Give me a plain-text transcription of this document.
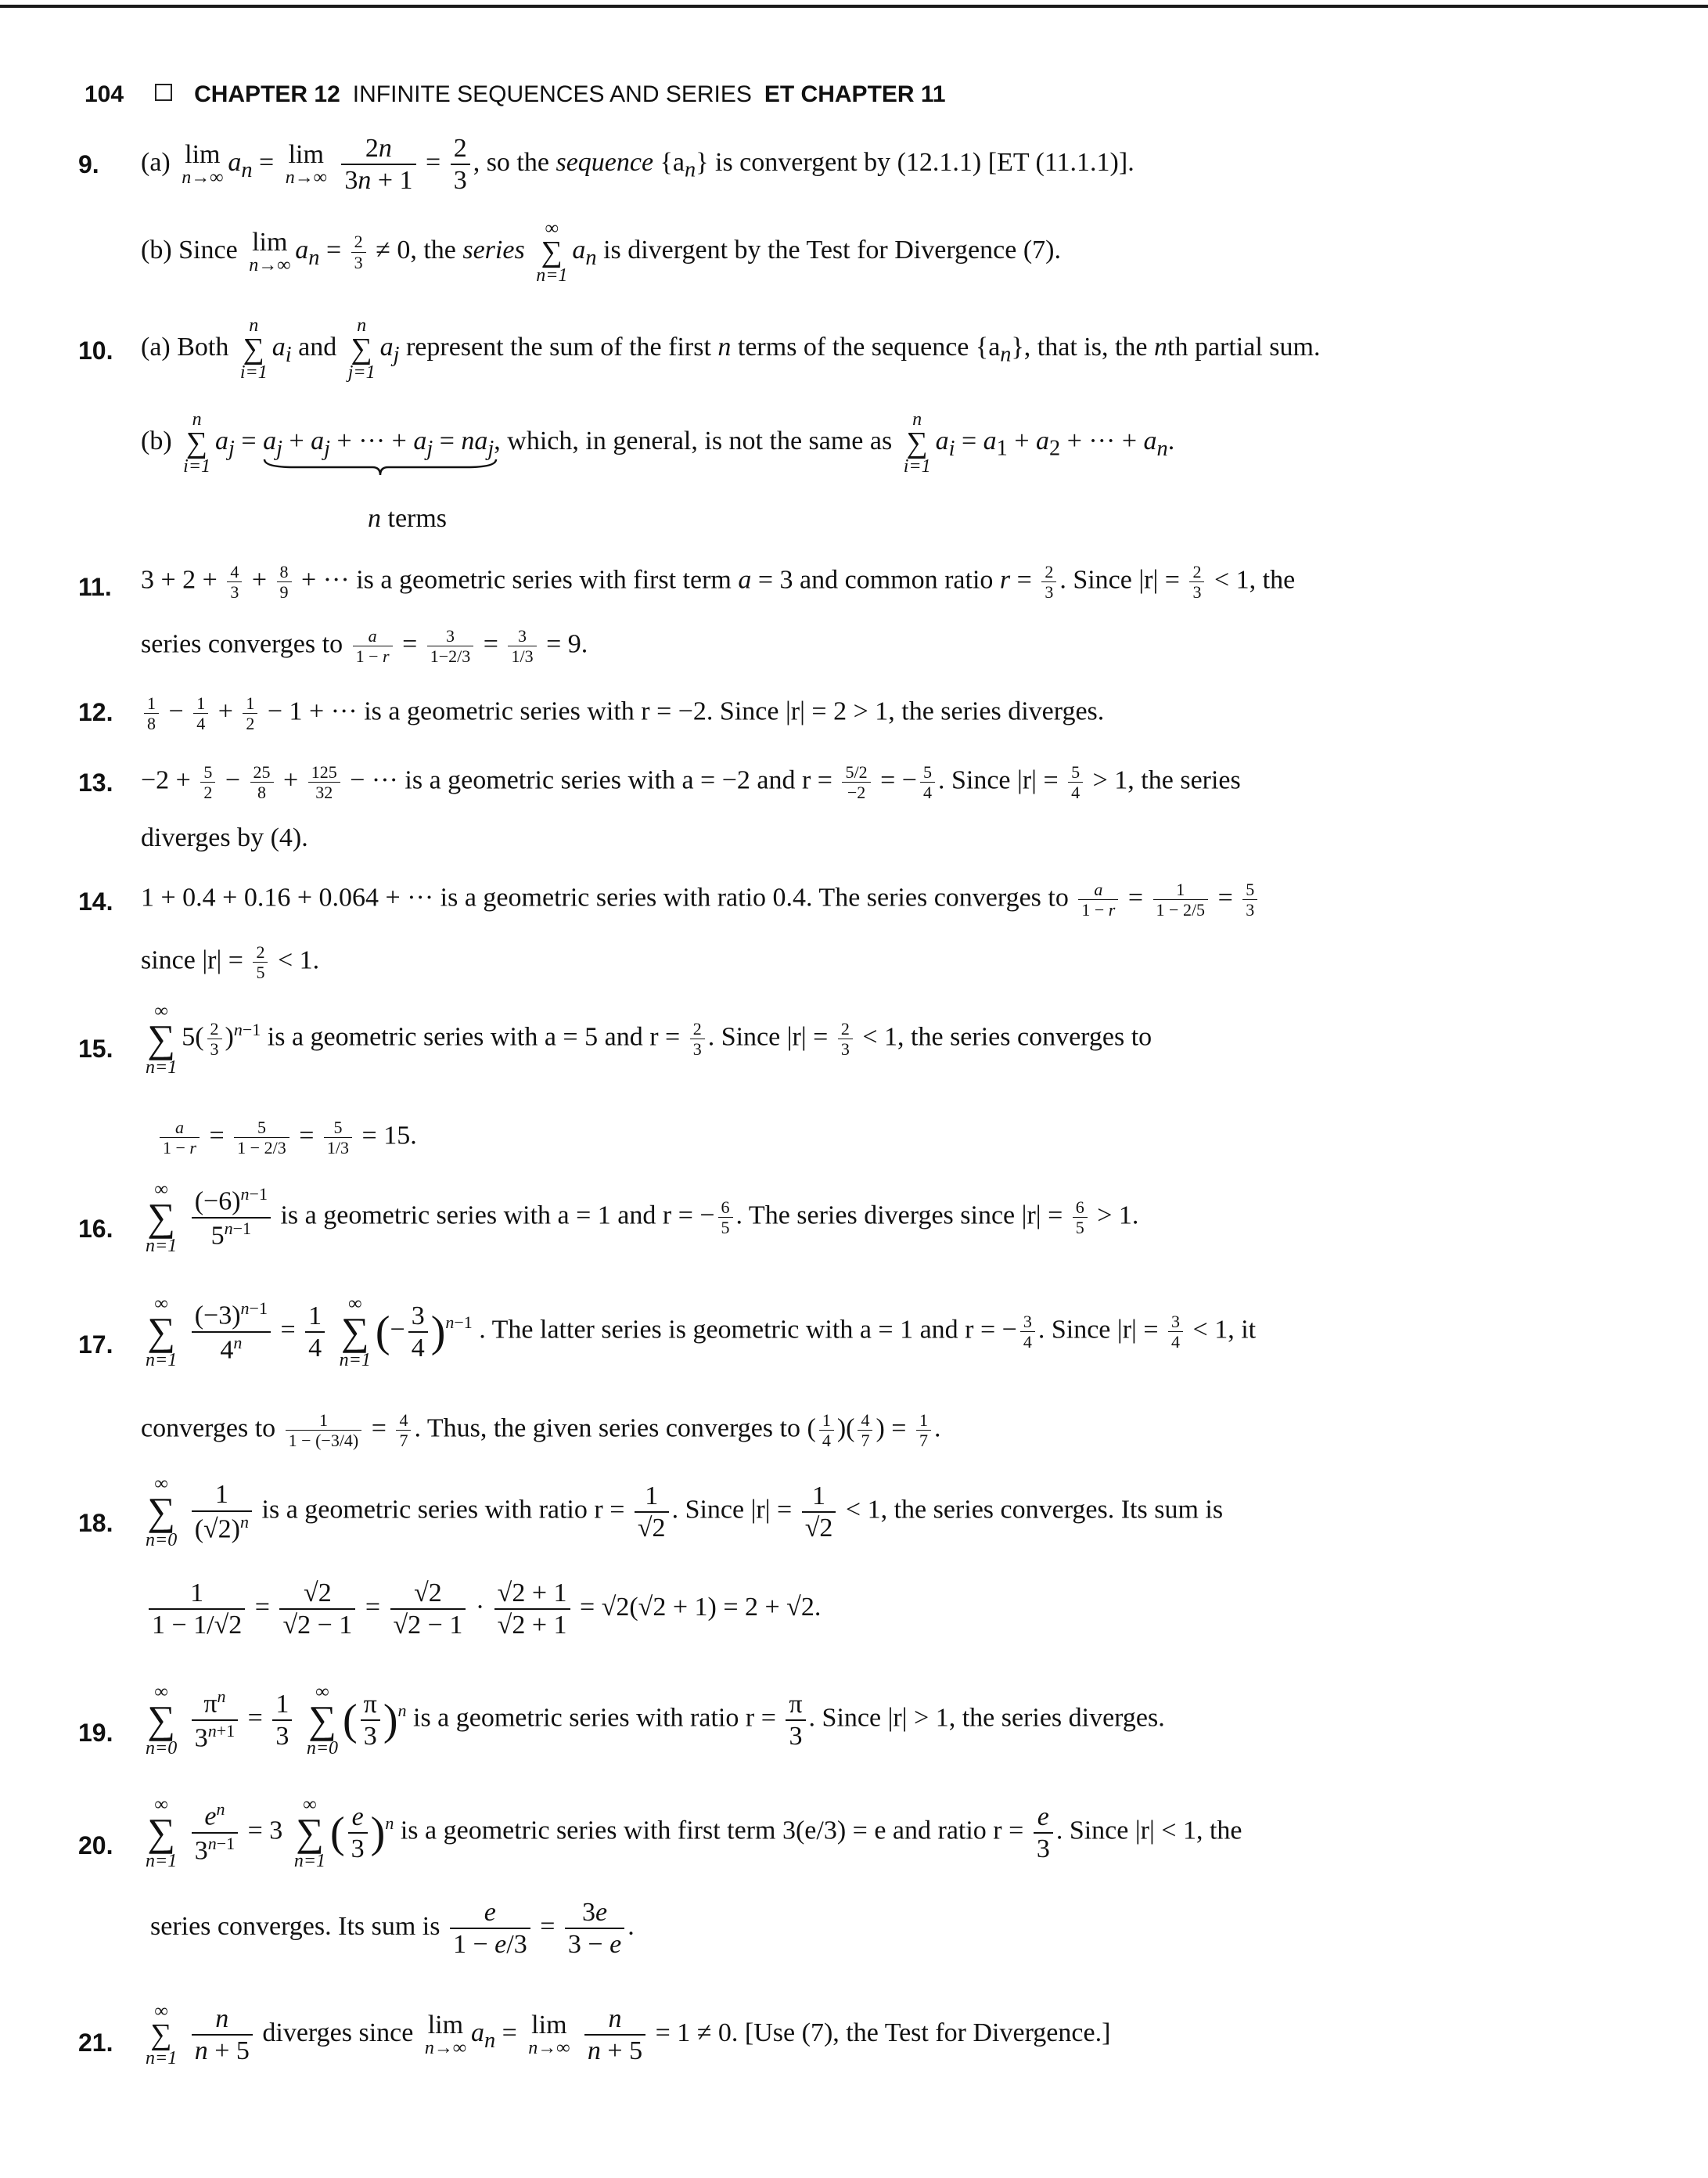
104	CHAPTER 12 INFINITE SEQUENCES AND SERIES ET CHAPTER 11
9. (a) lim
n→∞
$a_n = \lim$
n→∞
$\frac{2n}{3n + 1} = \frac{2}{3}$ , so the sequence $\{a_n\}$ is convergent by (12.1.1) [ET (11.1.1)].
(b) Since lim
n→∞
$a_n = \frac{2}{3} \ne 0$, the series
∞
∑
n=1
$a_n$ is divergent by the Test for Divergence (7).
10. (a) Both
n
∑
i=1
$a_i$ and
n
∑
j=1
$a_j$ represent the sum of the first n terms of the sequence $\{a_n\}$, that is, the nth partial sum.
(b)
n
∑
i=1
$a_j = a_j + a_j$ + ··· + $a_j$
= $na_j$, which, in general, is not the same as
n
∑
i=1
$a_i = a_1 + a_2$ + ··· + $a_n$.
n terms
11. $3 + 2 + \frac{4}{3} + \frac{8}{9}$ + ··· is a geometric series with first term a = 3 and common ratio $r = \frac{2}{3}$ . Since $|r| = \frac{2}{3} < 1$, the
series converges to $\frac{a}{1 - r} = \frac{3}{1-2/3} = \frac{3}{1/3} = 9$.
12. $\frac{1}{8} - \frac{1}{4} + \frac{1}{2} - 1$ + ··· is a geometric series with r = −2. Since |r| = 2 > 1, the series diverges.
13. $-2 + \frac{5}{2} - \frac{25}{8} + \frac{125}{32}$ − ··· is a geometric series with a = −2 and $r = \frac{5/2}{-2}$ = − $\frac{5}{4}$ . Since $|r| = \frac{5}{4} > 1$, the series
diverges by (4).
14. 1 + 0.4 + 0.16 + 0.064 + ··· is a geometric series with ratio 0.4. The series converges to $\frac{a}{1 - r} = \frac{1}{1 - 2/5} = \frac{5}{3}$
since $|r| = \frac{2}{5} < 1$.
15.
∞
∑
n=1
$5( \frac{2}{3} )^{n-1}$ is a geometric series with a = 5 and $r = \frac{2}{3}$ . Since $|r| = \frac{2}{3} < 1$, the series converges to
$\frac{a}{1 - r} = \frac{5}{1 - 2/3} = \frac{5}{1/3} = 15$.
16.
∞
∑
n=1
$\frac{(-6)^{n-1}}{5^{n-1}}$ is a geometric series with a = 1 and r = − $\frac{6}{5}$ . The series diverges since $|r| = \frac{6}{5} > 1$.
17.
∞
∑
n=1
$\frac{(-3)^{n-1}}{4^n} = \frac{1}{4}$
	∞
∑
n=1
(− $\frac{3}{4} )^{n-1}$ . The latter series is geometric with a = 1 and r = − $\frac{3}{4}$ . Since $|r| = \frac{3}{4} < 1$, it
converges to $\frac{1}{1 - (-3/4)} = \frac{4}{7}$ . Thus, the given series converges to ( $\frac{1}{4}$ )( $\frac{4}{7}$ ) = $\frac{1}{7}$ .
18.
∞
∑
n=0
$\frac{1}{(√2)^n}$ is a geometric series with ratio $r = \frac{1}{√2}$ . Since $|r| = \frac{1}{√2} < 1$, the series converges. Its sum is
$\frac{1}{1 - 1/√2} = \frac{√2}{√2 - 1} = \frac{√2}{√2 - 1} \cdot \frac{√2 + 1}{√2 + 1} = √2(√2 + 1) = 2 + √2$.
19.
∞
∑
n=0
$\frac{\pi^n}{3^{n+1}} = \frac{1}{3}$
	∞
∑
n=0
( $\frac{\pi}{3} )^n$ is a geometric series with ratio $r = \frac{\pi}{3}$ . Since |r| > 1, the series diverges.
20.
∞
∑
n=1
$\frac{e^n}{3^{n-1}} = 3$
∞
∑
n=1
( $\frac{e}{3} )^n$ is a geometric series with first term 3(e/3) = e and ratio $r = \frac{e}{3}$ . Since |r| < 1, the
series converges. Its sum is $\frac{e}{1 - e/3} = \frac{3e}{3 - e}$ .
21.
∞
∑
n=1
$\frac{n}{n + 5}$ diverges since lim
n→∞
$a_n = \lim$
n→∞
$\frac{n}{n + 5} = 1 \ne 0$. [Use (7), the Test for Divergence.]
